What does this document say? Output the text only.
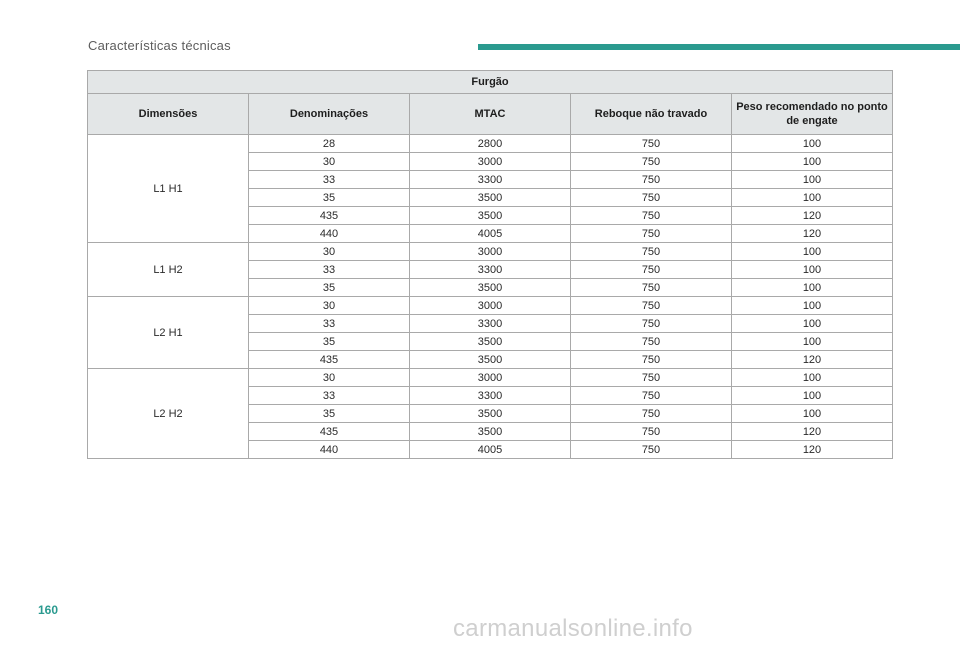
Características técnicas
Furgão				
Dimensões	Denominações	MTAC	Reboque não travado	Peso recomendado no ponto de engate
L1 H1	28	2800	750	100
	30	3000	750	100
	33	3300	750	100
	35	3500	750	100
	435	3500	750	120
	440	4005	750	120
L1 H2	30	3000	750	100
	33	3300	750	100
	35	3500	750	100
L2 H1	30	3000	750	100
	33	3300	750	100
	35	3500	750	100
	435	3500	750	120
L2 H2	30	3000	750	100
	33	3300	750	100
	35	3500	750	100
	435	3500	750	120
	440	4005	750	120
160
carmanualsonline.info
